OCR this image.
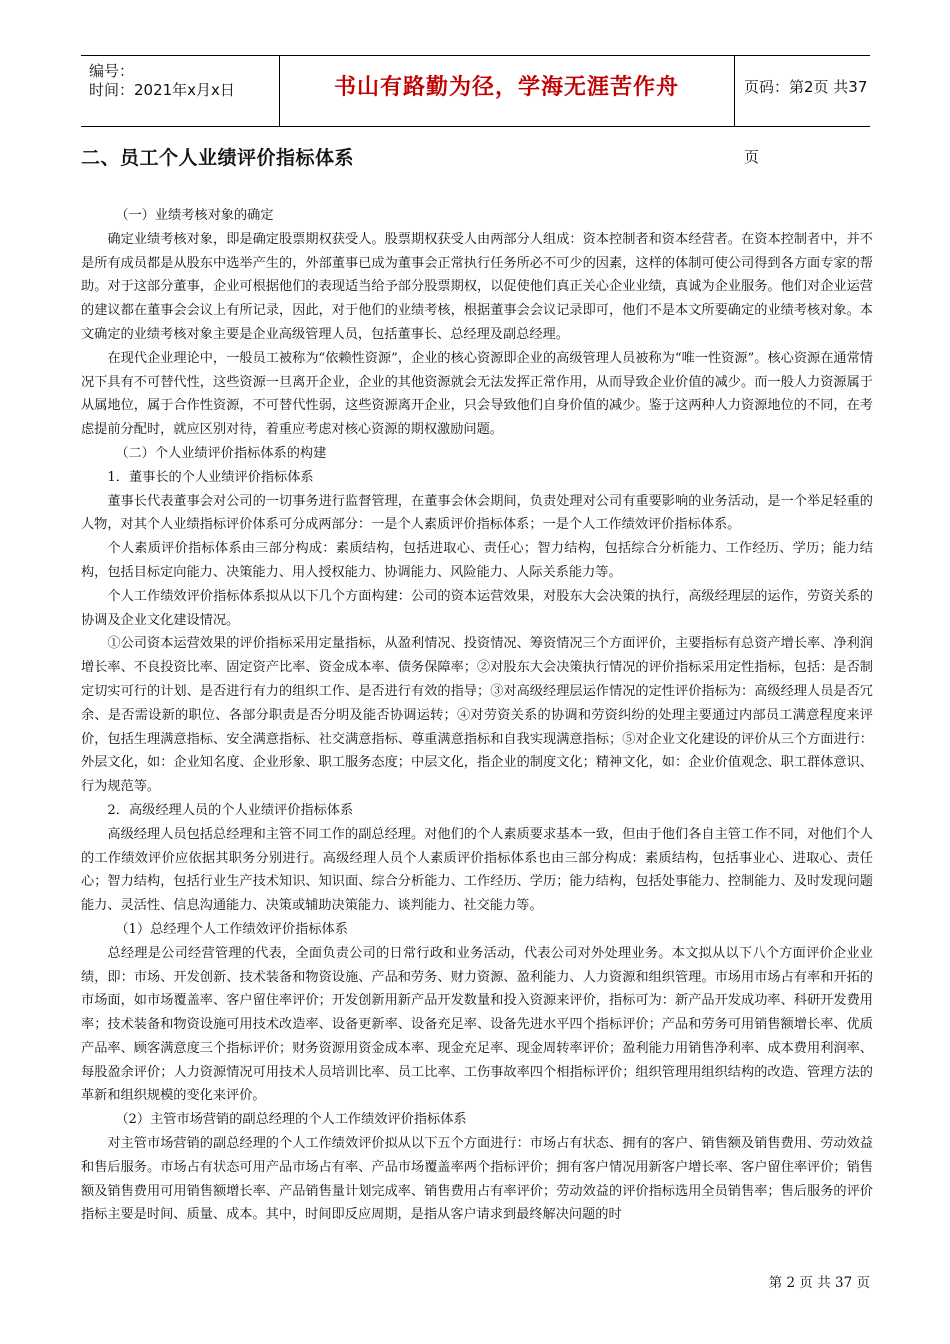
编号：
时间：2021年x月x日	书山有路勤为径，学海无涯苦作舟	页码：第2页 共37页
二、员工个人业绩评价指标体系

（一）业绩考核对象的确定

确定业绩考核对象，即是确定股票期权获受人。股票期权获受人由两部分人组成：资本控制者和资本经营者。在资本控制者中，并不是所有成员都是从股东中选举产生的，外部董事已成为董事会正常执行任务所必不可少的因素，这样的体制可使公司得到各方面专家的帮助。对于这部分董事，企业可根据他们的表现适当给予部分股票期权，以促使他们真正关心企业业绩，真诚为企业服务。他们对企业运营的建议都在董事会会议上有所记录，因此，对于他们的业绩考核，根据董事会会议记录即可，他们不是本文所要确定的业绩考核对象。本文确定的业绩考核对象主要是企业高级管理人员，包括董事长、总经理及副总经理。

在现代企业理论中，一般员工被称为“依赖性资源”，企业的核心资源即企业的高级管理人员被称为“唯一性资源”。核心资源在通常情况下具有不可替代性，这些资源一旦离开企业，企业的其他资源就会无法发挥正常作用，从而导致企业价值的减少。而一般人力资源属于从属地位，属于合作性资源，不可替代性弱，这些资源离开企业，只会导致他们自身价值的减少。鉴于这两种人力资源地位的不同，在考虑提前分配时，就应区别对待，着重应考虑对核心资源的期权激励问题。

（二）个人业绩评价指标体系的构建

1．董事长的个人业绩评价指标体系

董事长代表董事会对公司的一切事务进行监督管理，在董事会休会期间，负责处理对公司有重要影响的业务活动，是一个举足轻重的人物，对其个人业绩指标评价体系可分成两部分：一是个人素质评价指标体系；一是个人工作绩效评价指标体系。

个人素质评价指标体系由三部分构成：素质结构，包括进取心、责任心；智力结构，包括综合分析能力、工作经历、学历；能力结构，包括目标定向能力、决策能力、用人授权能力、协调能力、风险能力、人际关系能力等。

个人工作绩效评价指标体系拟从以下几个方面构建：公司的资本运营效果，对股东大会决策的执行，高级经理层的运作，劳资关系的协调及企业文化建设情况。

①公司资本运营效果的评价指标采用定量指标，从盈利情况、投资情况、筹资情况三个方面评价，主要指标有总资产增长率、净利润增长率、不良投资比率、固定资产比率、资金成本率、债务保障率；②对股东大会决策执行情况的评价指标采用定性指标，包括：是否制定切实可行的计划、是否进行有力的组织工作、是否进行有效的指导；③对高级经理层运作情况的定性评价指标为：高级经理人员是否冗余、是否需设新的职位、各部分职责是否分明及能否协调运转；④对劳资关系的协调和劳资纠纷的处理主要通过内部员工满意程度来评价，包括生理满意指标、安全满意指标、社交满意指标、尊重满意指标和自我实现满意指标；⑤对企业文化建设的评价从三个方面进行：外层文化，如：企业知名度、企业形象、职工服务态度；中层文化，指企业的制度文化；精神文化，如：企业价值观念、职工群体意识、行为规范等。

2．高级经理人员的个人业绩评价指标体系

高级经理人员包括总经理和主管不同工作的副总经理。对他们的个人素质要求基本一致，但由于他们各自主管工作不同，对他们个人的工作绩效评价应依据其职务分别进行。高级经理人员个人素质评价指标体系也由三部分构成：素质结构，包括事业心、进取心、责任心；智力结构，包括行业生产技术知识、知识面、综合分析能力、工作经历、学历；能力结构，包括处事能力、控制能力、及时发现问题能力、灵活性、信息沟通能力、决策或辅助决策能力、谈判能力、社交能力等。

（1）总经理个人工作绩效评价指标体系

总经理是公司经营管理的代表，全面负责公司的日常行政和业务活动，代表公司对外处理业务。本文拟从以下八个方面评价企业业绩，即：市场、开发创新、技术装备和物资设施、产品和劳务、财力资源、盈利能力、人力资源和组织管理。市场用市场占有率和开拓的市场面，如市场覆盖率、客户留住率评价；开发创新用新产品开发数量和投入资源来评价，指标可为：新产品开发成功率、科研开发费用率；技术装备和物资设施可用技术改造率、设备更新率、设备充足率、设备先进水平四个指标评价；产品和劳务可用销售额增长率、优质产品率、顾客满意度三个指标评价；财务资源用资金成本率、现金充足率、现金周转率评价；盈利能力用销售净利率、成本费用利润率、每股盈余评价；人力资源情况可用技术人员培训比率、员工比率、工伤事故率四个相指标评价；组织管理用组织结构的改造、管理方法的革新和组织规模的变化来评价。

（2）主管市场营销的副总经理的个人工作绩效评价指标体系

对主管市场营销的副总经理的个人工作绩效评价拟从以下五个方面进行：市场占有状态、拥有的客户、销售额及销售费用、劳动效益和售后服务。市场占有状态可用产品市场占有率、产品市场覆盖率两个指标评价；拥有客户情况用新客户增长率、客户留住率评价；销售额及销售费用可用销售额增长率、产品销售量计划完成率、销售费用占有率评价；劳动效益的评价指标选用全员销售率；售后服务的评价指标主要是时间、质量、成本。其中，时间即反应周期，是指从客户请求到最终解决问题的时

第 2 页 共 37 页
